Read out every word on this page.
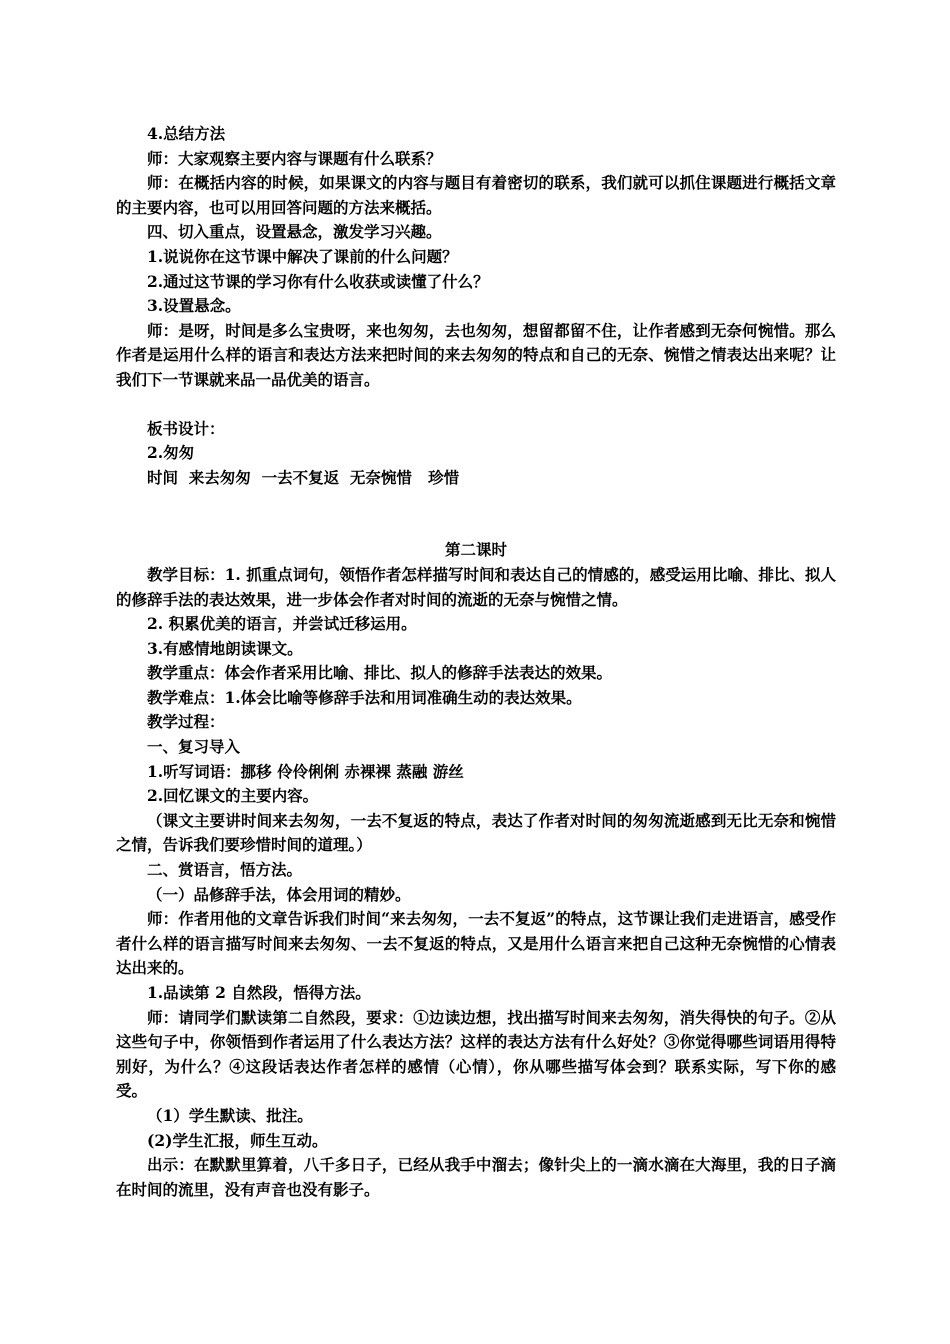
4.总结方法

师：大家观察主要内容与课题有什么联系？

师：在概括内容的时候，如果课文的内容与题目有着密切的联系，我们就可以抓住课题进行概括文章的主要内容，也可以用回答问题的方法来概括。

四、切入重点，设置悬念，激发学习兴趣。

1.说说你在这节课中解决了课前的什么问题？

2.通过这节课的学习你有什么收获或读懂了什么？

3.设置悬念。

师：是呀，时间是多么宝贵呀，来也匆匆，去也匆匆，想留都留不住，让作者感到无奈何惋惜。那么作者是运用什么样的语言和表达方法来把时间的来去匆匆的特点和自己的无奈、惋惜之情表达出来呢？让我们下一节课就来品一品优美的语言。

板书设计：

2.匆匆

时间  来去匆匆  一去不复返  无奈惋惜   珍惜

第二课时

教学目标：1. 抓重点词句，领悟作者怎样描写时间和表达自己的情感的，感受运用比喻、排比、拟人的修辞手法的表达效果，进一步体会作者对时间的流逝的无奈与惋惜之情。

2. 积累优美的语言，并尝试迁移运用。

3.有感情地朗读课文。

教学重点：体会作者采用比喻、排比、拟人的修辞手法表达的效果。

教学难点：1.体会比喻等修辞手法和用词准确生动的表达效果。

教学过程：

一、复习导入

1.听写词语：挪移 伶伶俐俐 赤裸裸 蒸融 游丝

2.回忆课文的主要内容。

（课文主要讲时间来去匆匆，一去不复返的特点，表达了作者对时间的匆匆流逝感到无比无奈和惋惜之情，告诉我们要珍惜时间的道理。）

二、赏语言，悟方法。

（一）品修辞手法，体会用词的精妙。

师：作者用他的文章告诉我们时间“来去匆匆，一去不复返”的特点，这节课让我们走进语言，感受作者什么样的语言描写时间来去匆匆、一去不复返的特点，又是用什么语言来把自己这种无奈惋惜的心情表达出来的。

1.品读第 2 自然段，悟得方法。

师：请同学们默读第二自然段，要求：①边读边想，找出描写时间来去匆匆，消失得快的句子。②从这些句子中，你领悟到作者运用了什么表达方法？这样的表达方法有什么好处？③你觉得哪些词语用得特别好，为什么？④这段话表达作者怎样的感情（心情），你从哪些描写体会到？联系实际，写下你的感受。

（1）学生默读、批注。

(2)学生汇报，师生互动。

出示：在默默里算着，八千多日子，已经从我手中溜去；像针尖上的一滴水滴在大海里，我的日子滴在时间的流里，没有声音也没有影子。
